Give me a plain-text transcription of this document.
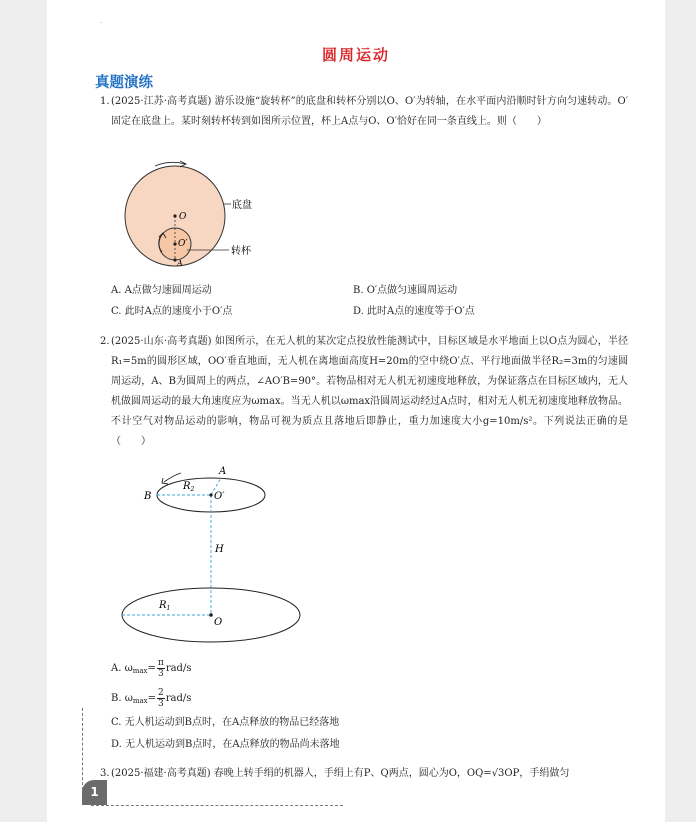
·
圆周运动
真题演练
1. (2025·江苏·高考真题) 游乐设施“旋转杯”的底盘和转杯分别以O、O′为转轴，在水平面内沿顺时针方向匀速转动。O′固定在底盘上。某时刻转杯转到如图所示位置，杯上A点与O、O′恰好在同一条直线上。则（　　）
O
O′
A
底盘
转杯
A. A点做匀速圆周运动	B. O′点做匀速圆周运动
C. 此时A点的速度小于O′点	D. 此时A点的速度等于O′点
2. (2025·山东·高考真题) 如图所示，在无人机的某次定点投放性能测试中，目标区域是水平地面上以O点为圆心，半径R₁=5m的圆形区域，OO′垂直地面，无人机在离地面高度H=20m的空中绕O′点、平行地面做半径R₂=3m的匀速圆周运动，A、B为圆周上的两点，∠AO′B=90°。若物品相对无人机无初速度地释放，为保证落点在目标区域内，无人机做圆周运动的最大角速度应为ωmax。当无人机以ωmax沿圆周运动经过A点时，相对无人机无初速度地释放物品。不计空气对物品运动的影响，物品可视为质点且落地后即静止，重力加速度大小g=10m/s²。下列说法正确的是（　　）
A
B	O′
$R_2$
H
$R_1$
O
A. $\omega_{max}= \frac{\pi}{3} rad/s$
B. $\omega_{max}= \frac{2}{3} rad/s$
C. 无人机运动到B点时，在A点释放的物品已经落地
D. 无人机运动到B点时，在A点释放的物品尚未落地
3. (2025·福建·高考真题) 春晚上转手绢的机器人，手绢上有P、Q两点，圆心为O，OQ=√3OP，手绢做匀
1
